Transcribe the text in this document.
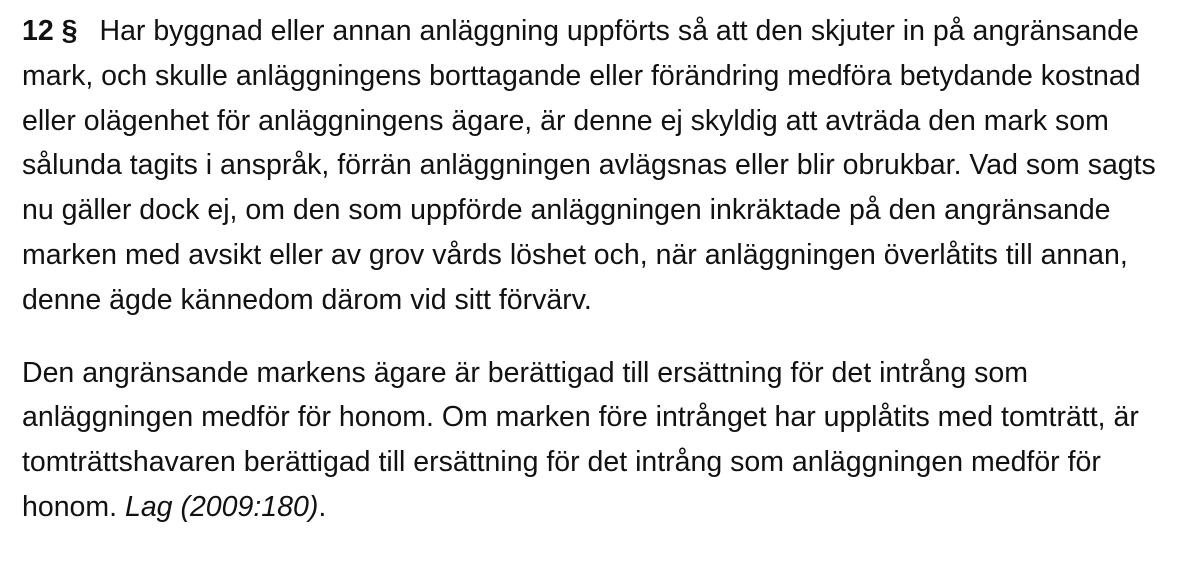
12 § Har byggnad eller annan anläggning uppförts så att den skjuter in på angränsande mark, och skulle anläggningens borttagande eller förändring medföra betydande kostnad eller olägenhet för anläggningens ägare, är denne ej skyldig att avträda den mark som sålunda tagits i anspråk, förrän anläggningen avlägsnas eller blir obrukbar. Vad som sagts nu gäller dock ej, om den som uppförde anläggningen inkräktade på den angränsande marken med avsikt eller av grov vårds löshet och, när anläggningen överlåtits till annan, denne ägde kännedom därom vid sitt förvärv.

Den angränsande markens ägare är berättigad till ersättning för det intrång som anläggningen medför för honom. Om marken före intrånget har upplåtits med tomträtt, är tomträttshavaren berättigad till ersättning för det intrång som anläggningen medför för honom. Lag (2009:180).
